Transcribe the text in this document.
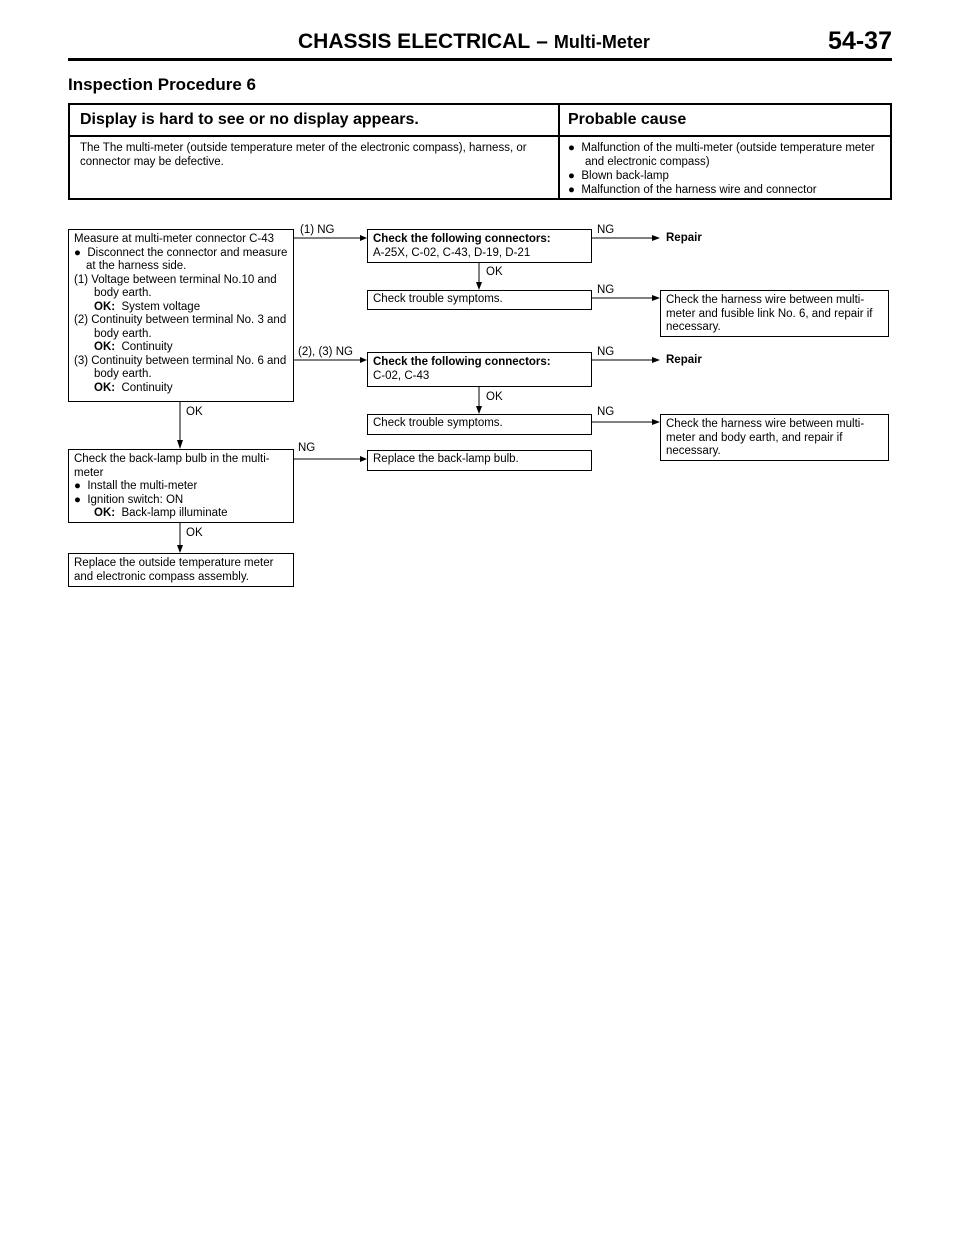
CHASSIS ELECTRICAL – Multi-Meter	54-37
Inspection Procedure 6
Display is hard to see or no display appears.	Probable cause
The The multi-meter (outside temperature meter of the electronic compass), harness, or connector may be defective.
● Malfunction of the multi-meter (outside temperature meter and electronic compass)
● Blown back-lamp
● Malfunction of the harness wire and connector
Measure at multi-meter connector C-43
● Disconnect the connector and measure at the harness side.
(1) Voltage between terminal No.10 and body earth.
OK: System voltage
(2) Continuity between terminal No. 3 and body earth.
OK: Continuity
(3) Continuity between terminal No. 6 and body earth.
OK: Continuity
Check the following connectors:
A-25X, C-02, C-43, D-19, D-21
Repair
Check trouble symptoms.	Check the harness wire between multi-meter and fusible link No. 6, and repair if necessary.
Check the following connectors:
C-02, C-43
Repair
Check trouble symptoms.	Check the harness wire between multi-meter and body earth, and repair if necessary.
Check the back-lamp bulb in the multi-meter
● Install the multi-meter
● Ignition switch: ON
OK: Back-lamp illuminate
Replace the back-lamp bulb.
Replace the outside temperature meter and electronic compass assembly.
(1) NG	NG
OK
NG
(2), (3) NG	NG
OK
NG
OK
NG
OK
